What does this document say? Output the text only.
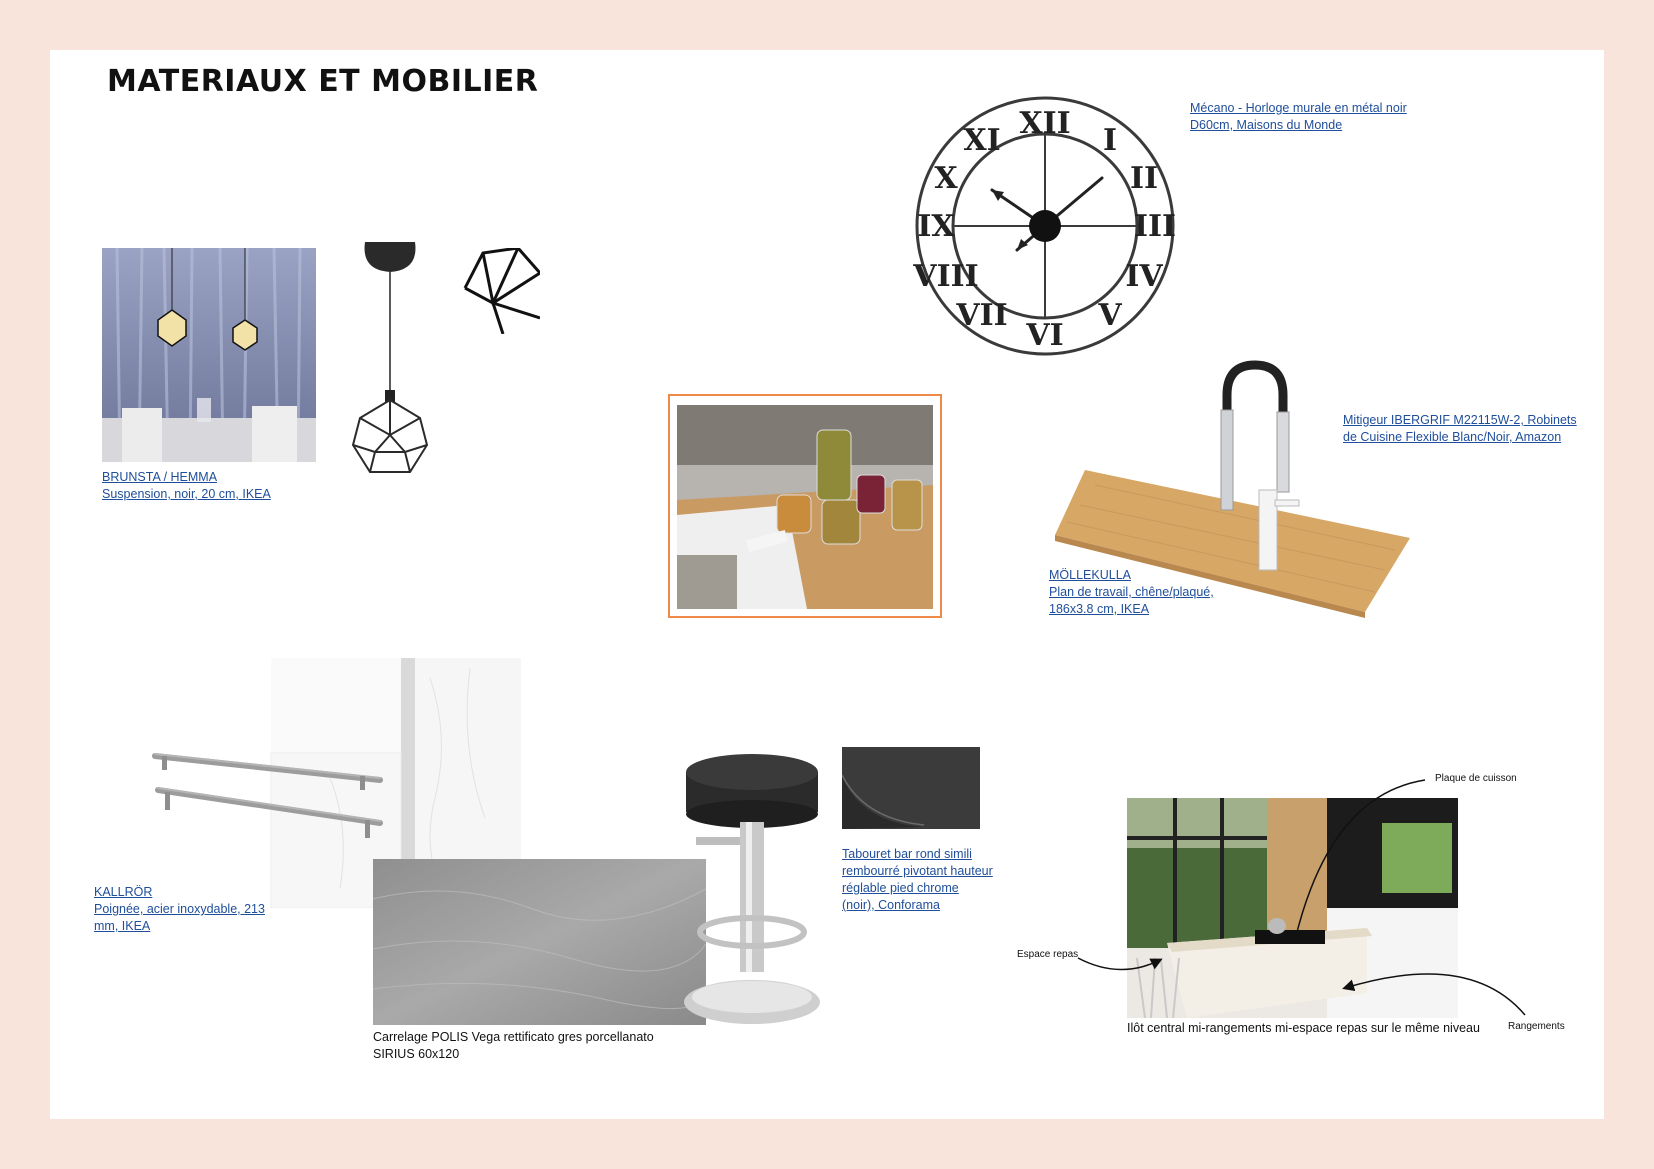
MATERIAUX ET MOBILIER
BRUNSTA / HEMMA
Suspension, noir, 20 cm, IKEA
XII I
II
III
IV
V
VI
VII
VIII
IX
X
XI
Mécano - Horloge murale en métal noir
D60cm, Maisons du Monde
Mitigeur IBERGRIF M22115W-2, Robinets
de Cuisine Flexible Blanc/Noir, Amazon
MÖLLEKULLA
Plan de travail, chêne/plaqué,
186x3.8 cm, IKEA
KALLRÖR
Poignée, acier inoxydable, 213
mm, IKEA
Carrelage POLIS Vega rettificato gres porcellanato
SIRIUS 60x120
Tabouret bar rond simili
rembourré pivotant hauteur
réglable pied chrome
(noir), Conforama
Ilôt central mi-rangements mi-espace repas sur le même niveau
Plaque de cuisson
Espace repas
Rangements
